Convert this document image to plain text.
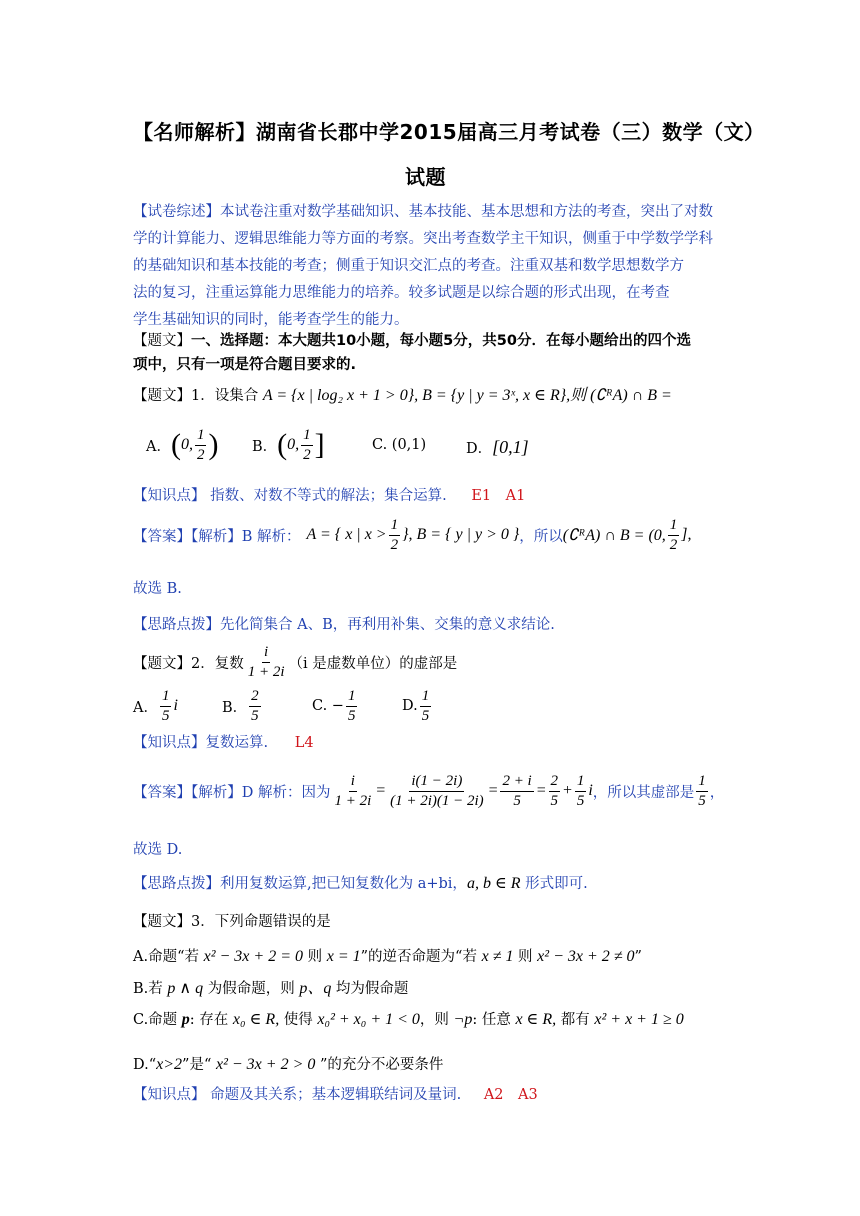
【名师解析】湖南省长郡中学2015届高三月考试卷（三）数学（文）
试题
【试卷综述】本试卷注重对数学基础知识、基本技能、基本思想和方法的考查，突出了对数
学的计算能力、逻辑思维能力等方面的考察。突出考查数学主干知识，侧重于中学数学学科
的基础知识和基本技能的考查；侧重于知识交汇点的考查。注重双基和数学思想数学方
法的复习，注重运算能力思维能力的培养。较多试题是以综合题的形式出现，在考查
学生基础知识的同时，能考查学生的能力。
【题文】一、选择题：本大题共10小题，每小题5分，共50分．在每小题给出的四个选
项中，只有一项是符合题目要求的.
【题文】1．设集合 A = {x | log₂ x + 1 > 0}, B = {y | y = 3ˣ, x ∈ R},则 (∁ᴿA) ∩ B =
A． ( 0, $\frac{1}{2}$ ) B． ( 0, $\frac{1}{2}$ ]	C. (0,1)	D．[0,1]
【知识点】 指数、对数不等式的解法；集合运算. E1　A1
【答案】【解析】 B 解析： A = { x | $x > \frac{1}{2}$ }, B = { y | y > 0 } ，所以 (∁ᴿA) ∩ B = (0, $\frac{1}{2}$ ],
故选 B.
【思路点拨】先化简集合 A、B，再利用补集、交集的意义求结论.
【题文】 2．复数 $\frac{i}{1 + 2i} (i$ 是虚数单位）的虚部是
A． $\frac{1}{5}$ i	B． $\frac{2}{5}$	C. − $\frac{1}{5}$	D. $\frac{1}{5}$
【知识点】复数运算. L4
【答案】【解析】 D 解析：因为 $\frac{i}{1 + 2i} = \frac{i(1 - 2i)}{(1 + 2i)(1 - 2i)} = \frac{2 + i}{5} = \frac{2}{5} + \frac{1}{5}$ i ，所以其虚部是 $\frac{1}{5}$ ，
故选 D.
【思路点拨】利用复数运算,把已知复数化为 a+bi，a, b ∈ R 形式即可.
【题文】3．下列命题错误的是
A.命题“若 x² − 3x + 2 = 0 则 x = 1”的逆否命题为“若 x ≠ 1 则 x² − 3x + 2 ≠ 0”
B.若 p ∧ q 为假命题，则 p、q 均为假命题
C.命题 p: 存在 x₀ ∈ R, 使得 x₀² + x₀ + 1 < 0，则 ¬p: 任意 x ∈ R, 都有 x² + x + 1 ≥ 0
D.“x>2”是“ x² − 3x + 2 > 0 ”的充分不必要条件
【知识点】 命题及其关系；基本逻辑联结词及量词. A2　A3
